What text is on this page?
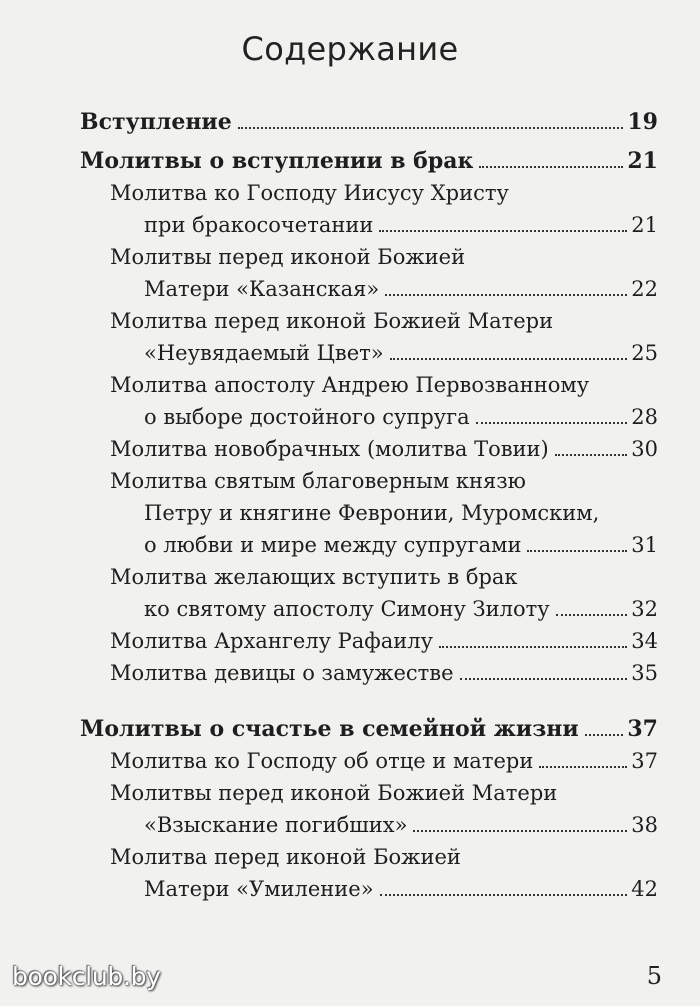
Содержание
Вступление	19
Молитвы о вступлении в брак	21
Молитва ко Господу Иисусу Христу
при бракосочетании	21
Молитвы перед иконой Божией
Матери «Казанская»	22
Молитва перед иконой Божией Матери
«Неувядаемый Цвет»	25
Молитва апостолу Андрею Первозванному
о выборе достойного супруга	28
Молитва новобрачных (молитва Товии)	30
Молитва святым благоверным князю
Петру и княгине Февронии, Муромским,
о любви и мире между супругами	31
Молитва желающих вступить в брак
ко святому апостолу Симону Зилоту	32
Молитва Архангелу Рафаилу	34
Молитва девицы о замужестве	35
Молитвы о счастье в семейной жизни 37
Молитва ко Господу об отце и матери	37
Молитвы перед иконой Божией Матери
«Взыскание погибших»	38
Молитва перед иконой Божией
Матери «Умиление»	42
bookclub.by	5
